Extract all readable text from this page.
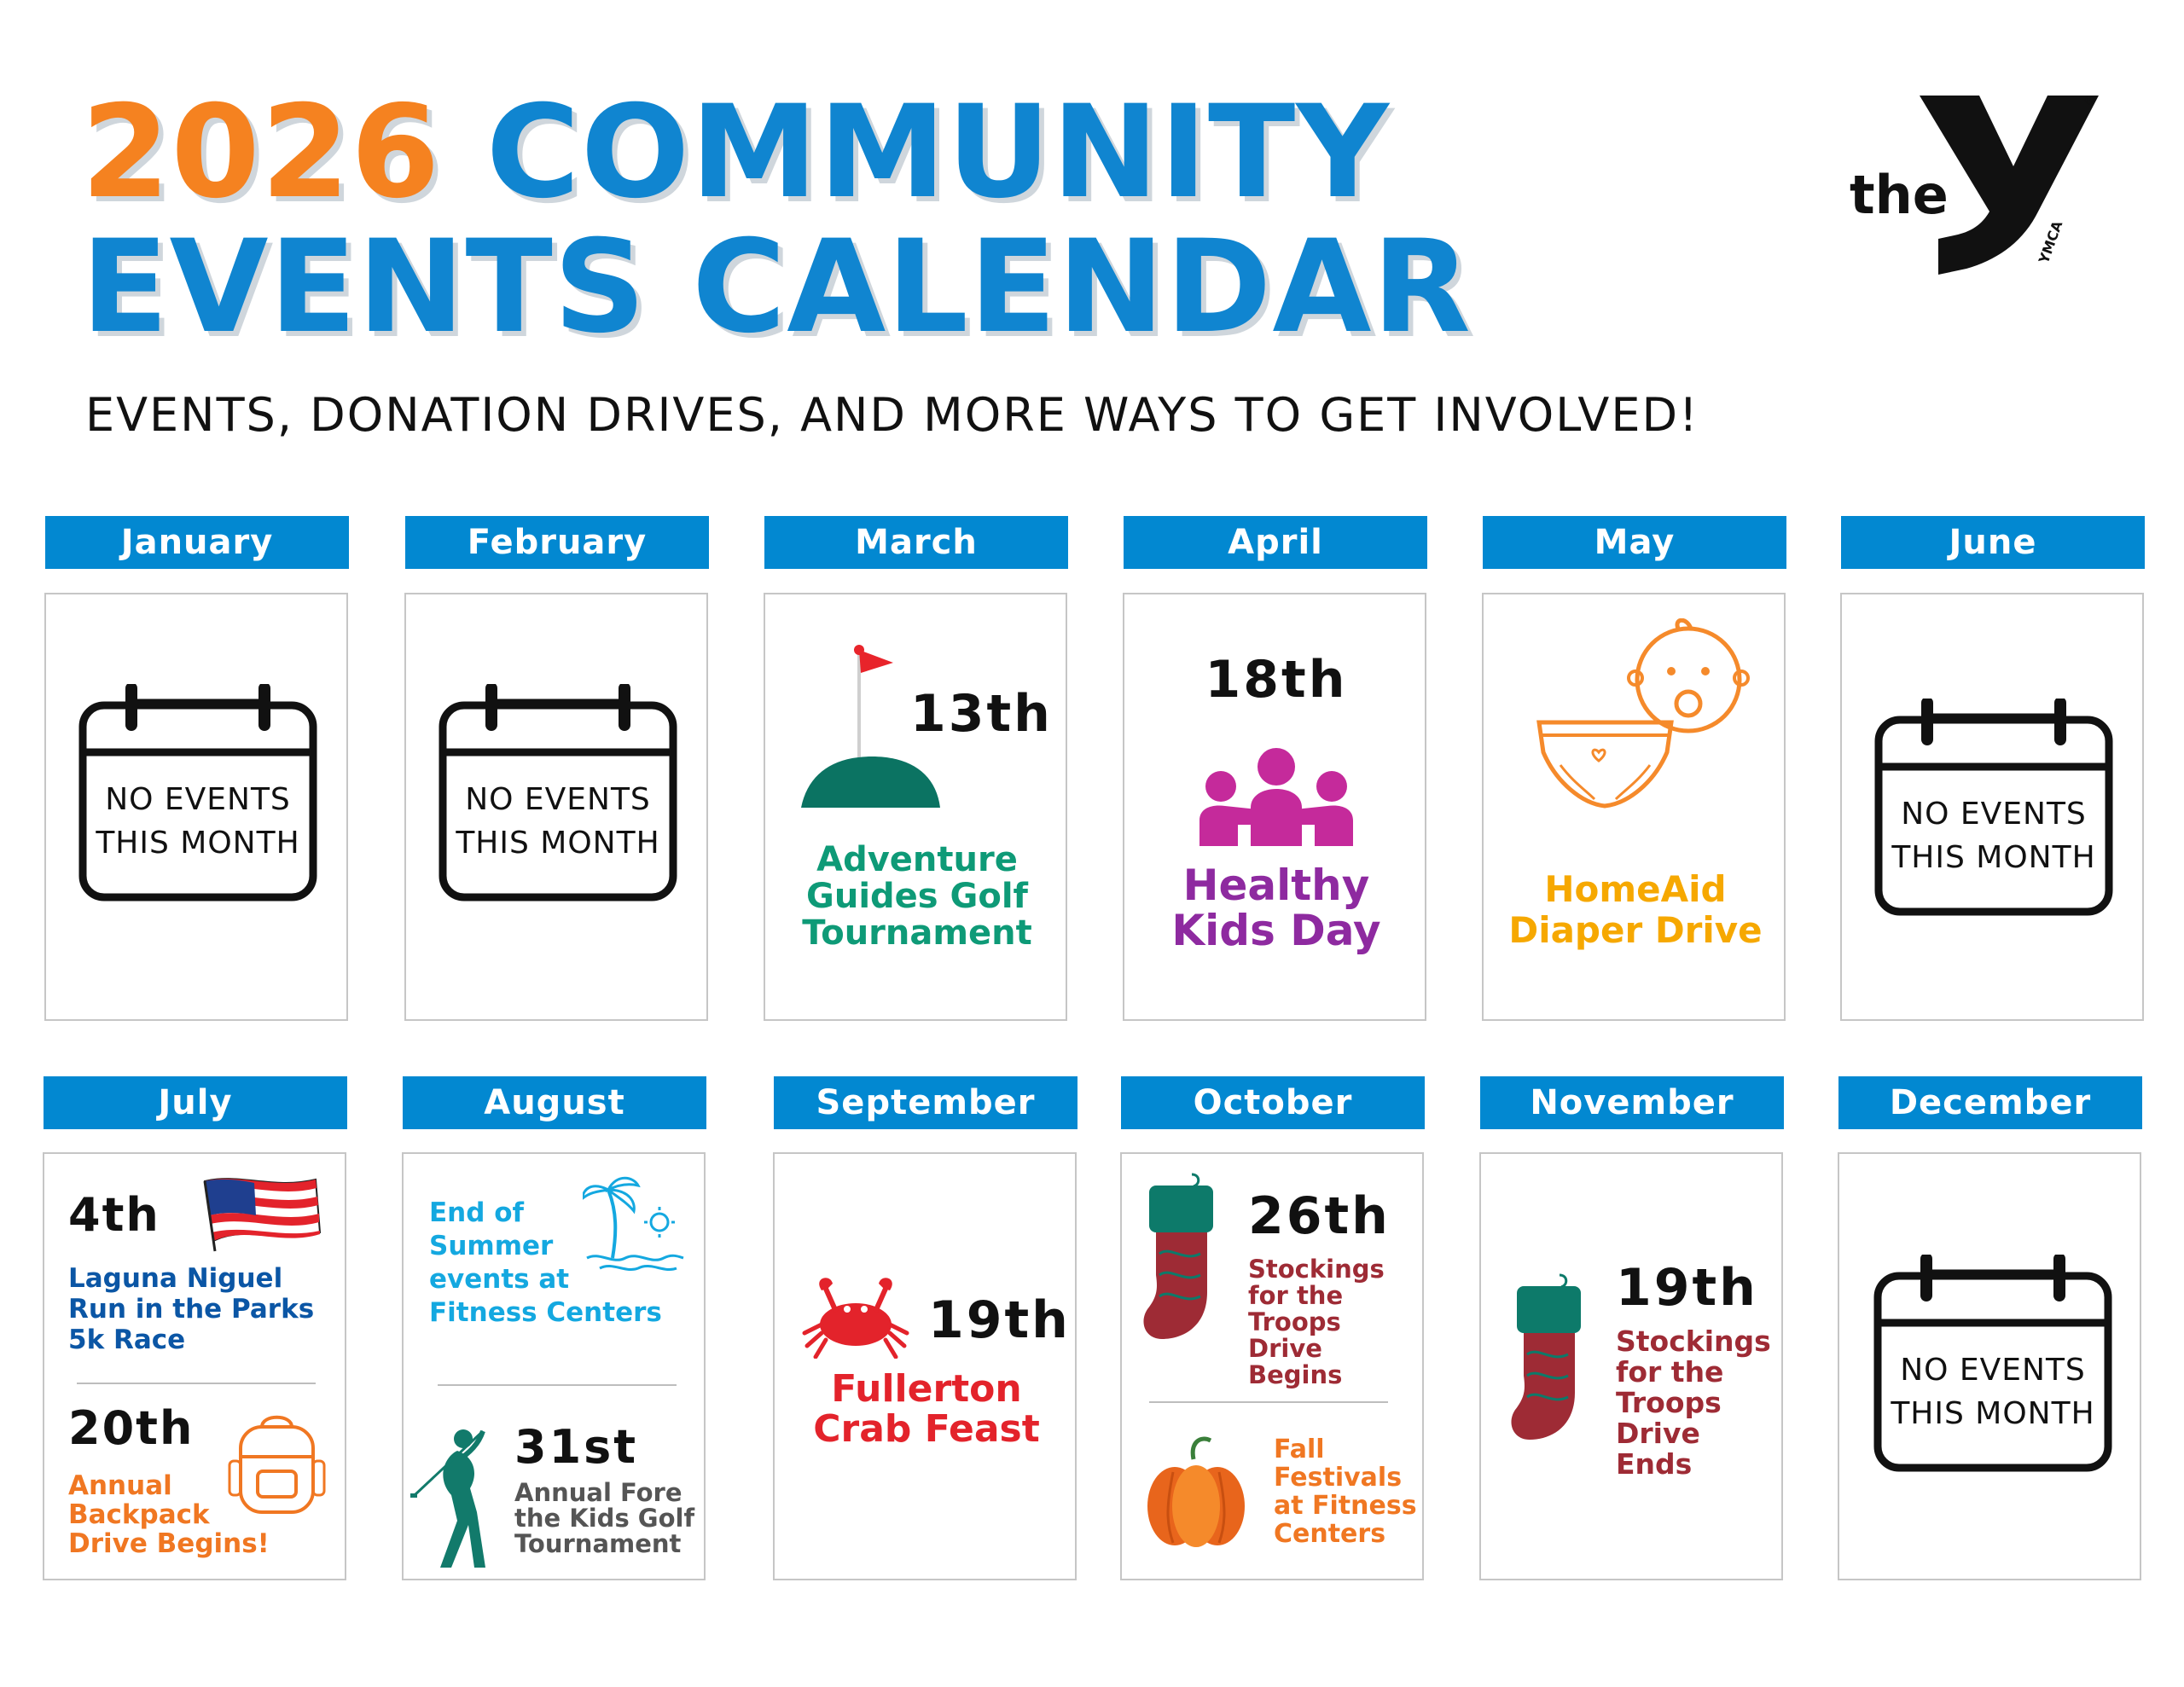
2026 COMMUNITY
EVENTS CALENDAR

EVENTS, DONATION DRIVES, AND MORE WAYS TO GET INVOLVED!

the
YMCA
®
January	February	March	April	May	June
NO EVENTS
THIS MONTH
NO EVENTS
THIS MONTH
13th
Adventure
Guides Golf
Tournament
18th
Healthy
Kids Day
HomeAid
Diaper Drive
NO EVENTS
THIS MONTH
July	August	September	October	November	December
4th
Laguna Niguel
Run in the Parks
5k Race
20th
Annual
Backpack
Drive Begins!
End of
Summer
events at
Fitness Centers
31st
Annual Fore
the Kids Golf
Tournament
19th
Fullerton
Crab Feast
26th
Stockings
for the
Troops
Drive Begins
Fall
Festivals
at Fitness
Centers
19th
Stockings
for the
Troops
Drive
Ends
NO EVENTS
THIS MONTH
